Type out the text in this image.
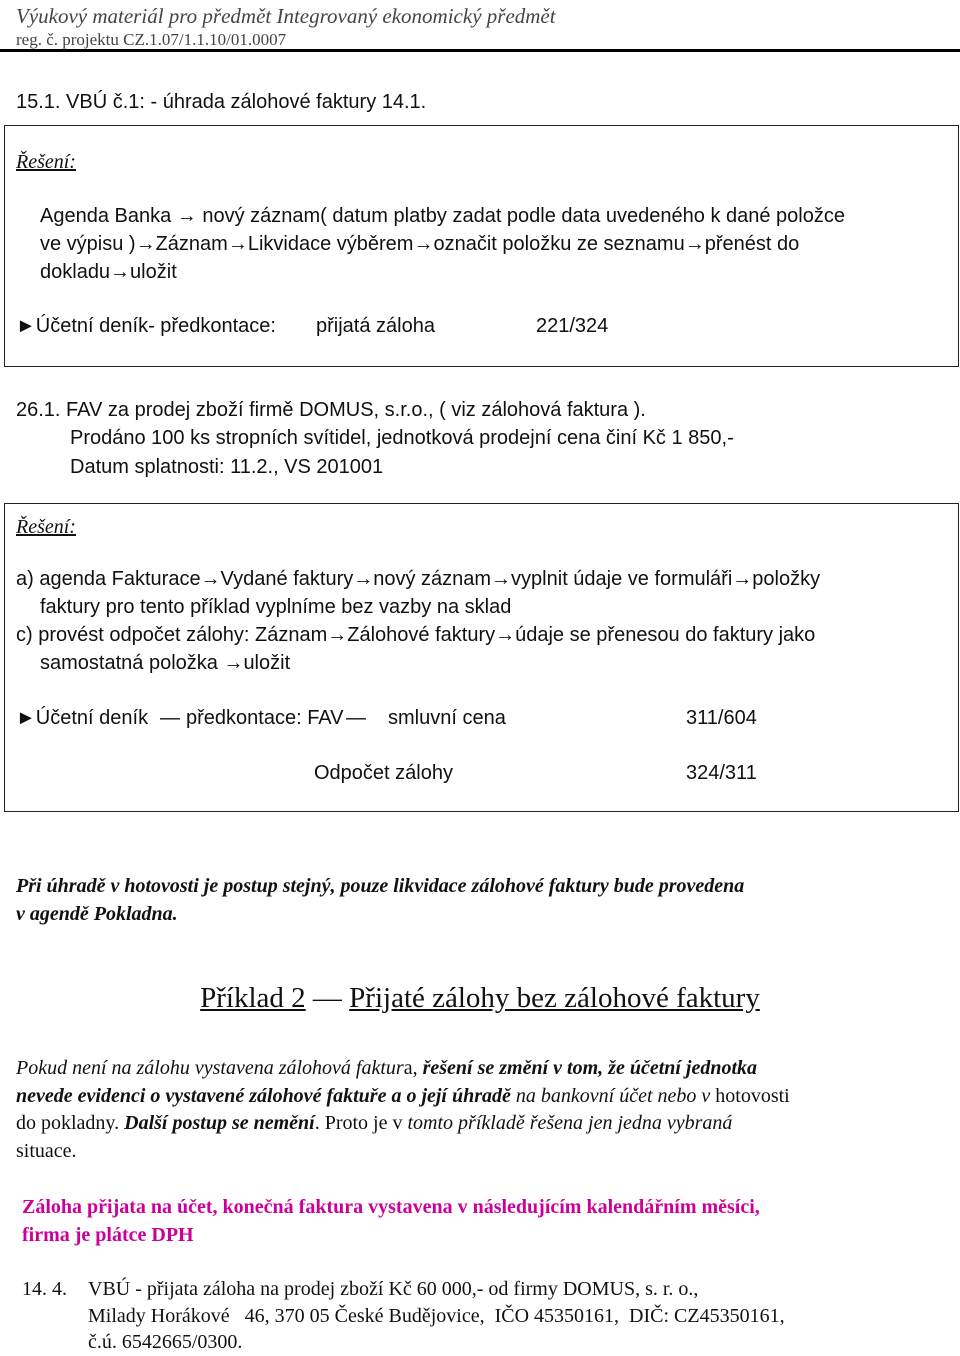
Výukový materiál pro předmět Integrovaný ekonomický předmět
reg. č. projektu CZ.1.07/1.1.10/01.0007
15.1. VBÚ č.1: - úhrada zálohové faktury 14.1.
Řešení:
Agenda Banka → nový záznam( datum platby zadat podle data uvedeného k dané položce
ve výpisu )→Záznam→Likvidace výběrem→označit položku ze seznamu→přenést do
dokladu→uložit
►Účetní deník- předkontace: přijatá záloha	221/324
26.1. FAV za prodej zboží firmě DOMUS, s.r.o., ( viz zálohová faktura ).
Prodáno 100 ks stropních svítidel, jednotková prodejní cena činí Kč 1 850,-
Datum splatnosti: 11.2., VS 201001
Řešení:
a) agenda Fakturace→Vydané faktury→nový záznam→vyplnit údaje ve formuláři→položky
faktury pro tento příklad vyplníme bez vazby na sklad
c) provést odpočet zálohy: Záznam→Zálohové faktury→údaje se přenesou do faktury jako
samostatná položka →uložit
►Účetní deník — předkontace: FAV — smluvní cena	311/604
Odpočet zálohy	324/311
Při úhradě v hotovosti je postup stejný, pouze likvidace zálohové faktury bude provedena
v agendě Pokladna.
Příklad 2 — Přijaté zálohy bez zálohové faktury
Pokud není na zálohu vystavena zálohová faktura, řešení se změní v tom, že účetní jednotka
nevede evidenci o vystavené zálohové faktuře a o její úhradě na bankovní účet nebo v hotovosti
do pokladny. Další postup se nemění. Proto je v tomto příkladě řešena jen jedna vybraná
situace.
Záloha přijata na účet, konečná faktura vystavena v následujícím kalendářním měsíci,
firma je plátce DPH
14. 4. VBÚ - přijata záloha na prodej zboží Kč 60 000,- od firmy DOMUS, s. r. o.,
Milady Horákové   46, 370 05 České Budějovice,  IČO 45350161,  DIČ: CZ45350161,
č.ú. 6542665/0300.
